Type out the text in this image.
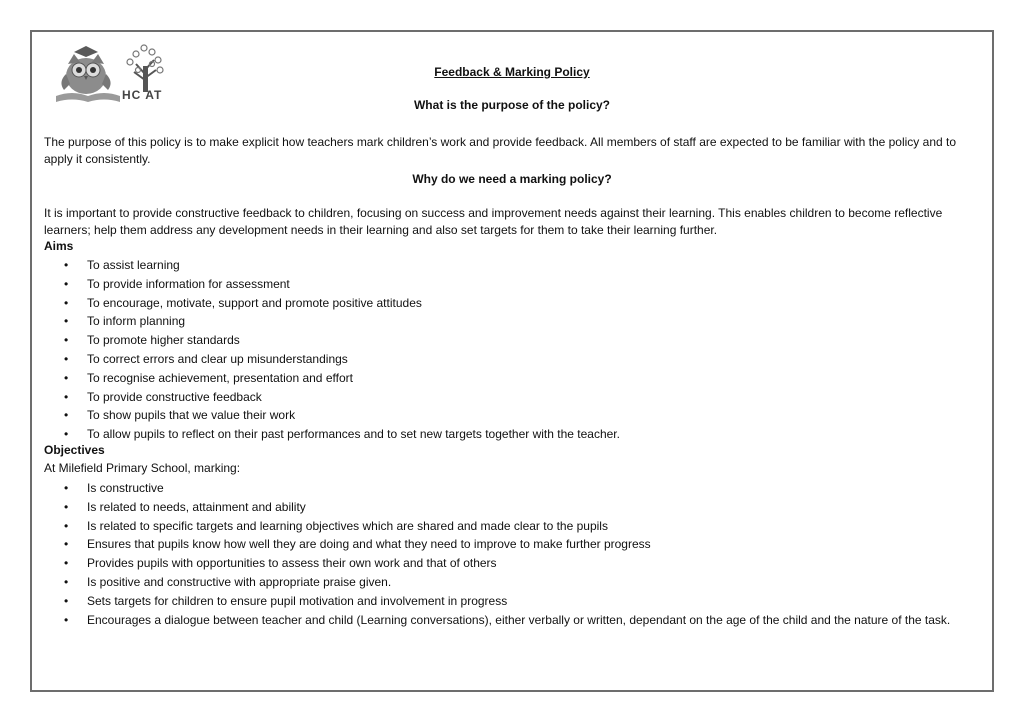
HC AT
Feedback & Marking Policy
What is the purpose of the policy?

The purpose of this policy is to make explicit how teachers mark children’s work and provide feedback. All members of staff are expected to be familiar with the policy and to apply it consistently.

Why do we need a marking policy?

It is important to provide constructive feedback to children, focusing on success and improvement needs against their learning. This enables children to become reflective learners; help them address any development needs in their learning and also set targets for them to take their learning further.

Aims
• To assist learning
• To provide information for assessment
• To encourage, motivate, support and promote positive attitudes
• To inform planning
• To promote higher standards
• To correct errors and clear up misunderstandings
• To recognise achievement, presentation and effort
• To provide constructive feedback
• To show pupils that we value their work
• To allow pupils to reflect on their past performances and to set new targets together with the teacher.
Objectives
At Milefield Primary School, marking:
• Is constructive
• Is related to needs, attainment and ability
• Is related to specific targets and learning objectives which are shared and made clear to the pupils
• Ensures that pupils know how well they are doing and what they need to improve to make further progress
• Provides pupils with opportunities to assess their own work and that of others
• Is positive and constructive with appropriate praise given.
• Sets targets for children to ensure pupil motivation and involvement in progress
• Encourages a dialogue between teacher and child (Learning conversations), either verbally or written, dependant on the age of the child and the nature of the task.
